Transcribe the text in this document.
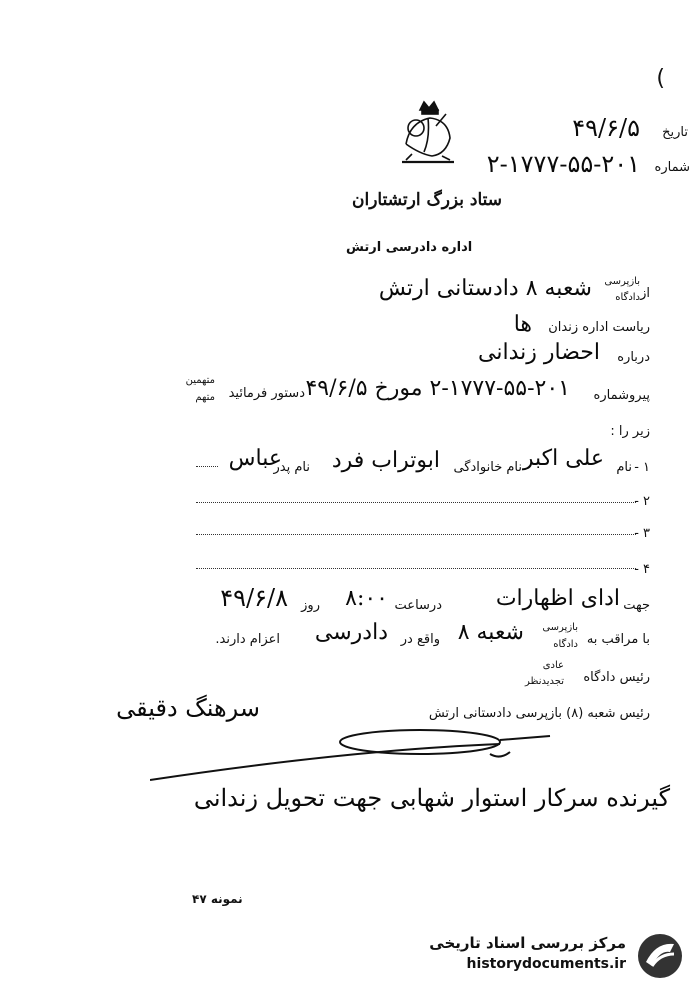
تاریخ
۴۹/۶/۵
شماره
۲-۱۷۷۷-۵۵-۲۰۱
(
ستاد بزرگ ارتشتاران
اداره دادرسی ارتش
از
بازپرسی
دادگاه
شعبه ۸ دادستانی ارتش
ریاست اداره زندان
ها
درباره
احضار زندانی
پیروشماره
۲-۱۷۷۷-۵۵-۲۰۱ مورخ ۴۹/۶/۵
دستور فرمائید
متهمین
متهم
زیر را :
۱ -
نام
علی اکبر
نام خانوادگی
ابوتراب فرد
نام پدر
عباس
۲ -
۳ -
۴ -
جهت
ادای اظهارات
درساعت
۸:۰۰
روز
۴۹/۶/۸
با مراقب به
بازپرسی
دادگاه
شعبه ۸
واقع در
دادرسی
اعزام دارند.
رئیس دادگاه
عادی
تجدیدنظر
رئیس شعبه (۸) بازپرسی دادستانی ارتش
سرهنگ دقیقی
گیرنده سرکار استوار شهابی جهت تحویل زندانی
نمونه ۴۷
مرکز بررسی اسناد تاریخی
historydocuments.ir
